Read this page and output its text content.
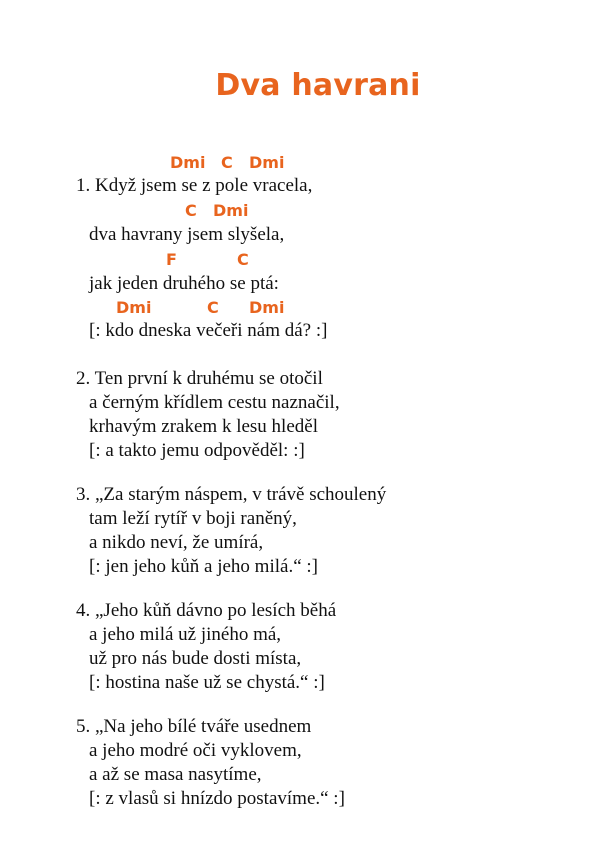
Dva havrani
Dmi C Dmi
1. Když jsem se z pole vracela,
C Dmi
dva havrany jsem slyšela,
F	C
jak jeden druhého se ptá:
Dmi	C Dmi
[: kdo dneska večeři nám dá? :]
2. Ten první k druhému se otočil
a černým křídlem cestu naznačil,
krhavým zrakem k lesu hleděl
[: a takto jemu odpověděl: :]
3. „Za starým náspem, v trávě schoulený
tam leží rytíř v boji raněný,
a nikdo neví, že umírá,
[: jen jeho kůň a jeho milá.“ :]
4. „Jeho kůň dávno po lesích běhá
a jeho milá už jiného má,
už pro nás bude dosti místa,
[: hostina naše už se chystá.“ :]
5. „Na jeho bílé tváře usednem
a jeho modré oči vyklovem,
a až se masa nasytíme,
[: z vlasů si hnízdo postavíme.“ :]
